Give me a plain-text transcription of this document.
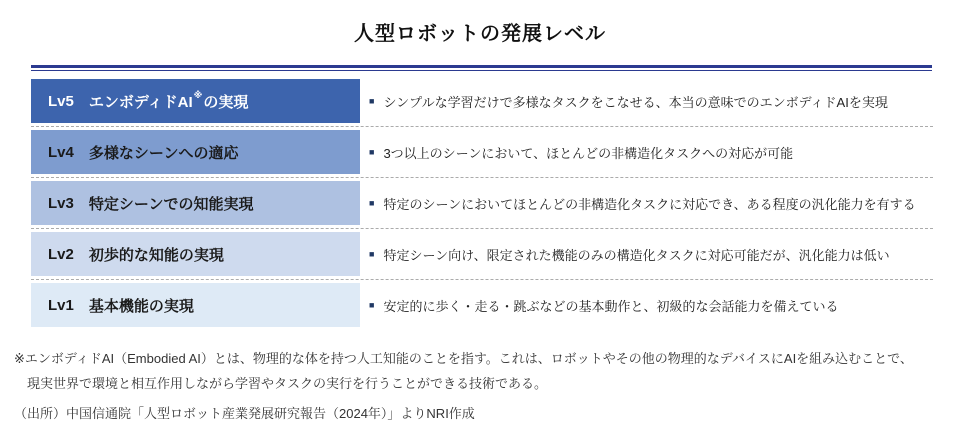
人型ロボットの発展レベル
Lv5 エンボディドAI ※ の実現	■ シンプルな学習だけで多様なタスクをこなせる、本当の意味でのエンボディドAIを実現
Lv4 多様なシーンへの適応	■ 3つ以上のシーンにおいて、ほとんどの非構造化タスクへの対応が可能
Lv3 特定シーンでの知能実現	■ 特定のシーンにおいてほとんどの非構造化タスクに対応でき、ある程度の汎化能力を有する
Lv2 初歩的な知能の実現	■ 特定シーン向け、限定された機能のみの構造化タスクに対応可能だが、汎化能力は低い
Lv1 基本機能の実現	■ 安定的に歩く・走る・跳ぶなどの基本動作と、初級的な会話能力を備えている
※エンボディドAI（Embodied AI）とは、物理的な体を持つ人工知能のことを指す。これは、ロボットやその他の物理的なデバイスにAIを組み込むことで、
現実世界で環境と相互作用しながら学習やタスクの実行を行うことができる技術である。
（出所）中国信通院「人型ロボット産業発展研究報告（2024年）」よりNRI作成
